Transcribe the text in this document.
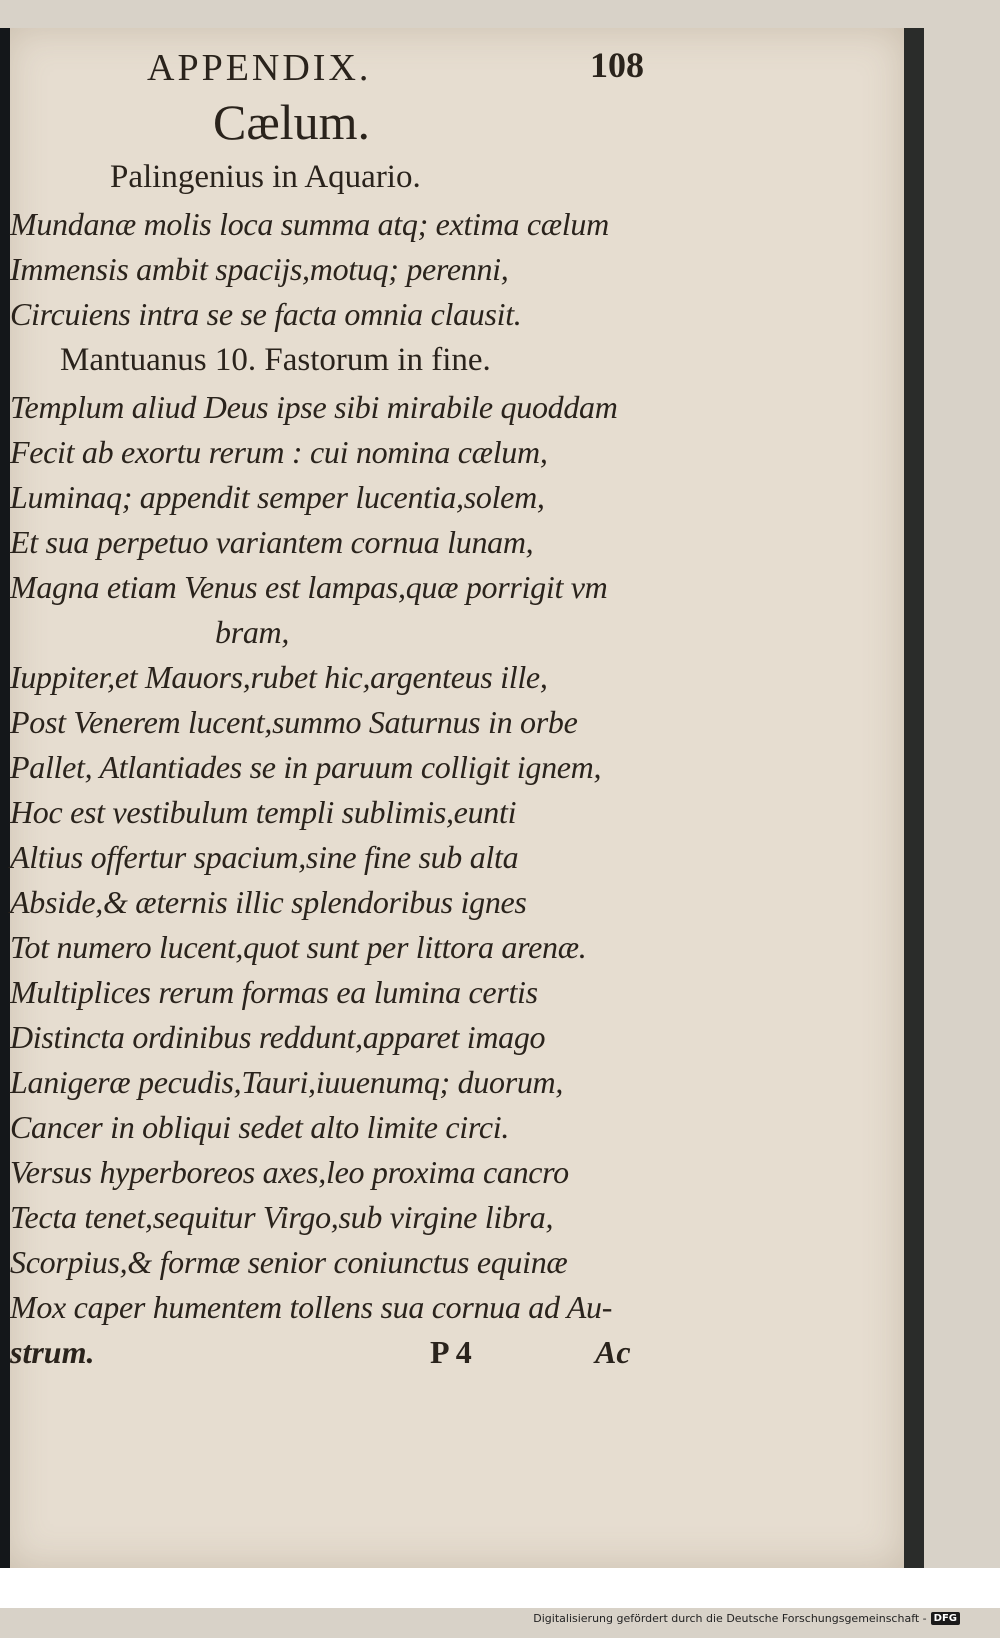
APPENDIX.	108
Cælum.
Palingenius in Aquario.
Mundanæ molis loca summa atq; extima cælum
Immensis ambit spacijs,motuq; perenni,
Circuiens intra se se facta omnia clausit.
Mantuanus 10. Fastorum in fine.
Templum aliud Deus ipse sibi mirabile quoddam
Fecit ab exortu rerum : cui nomina cælum,
Luminaq; appendit semper lucentia,solem,
Et sua perpetuo variantem cornua lunam,
Magna etiam Venus est lampas,quæ porrigit vm
bram,
Iuppiter,et Mauors,rubet hic,argenteus ille,
Post Venerem lucent,summo Saturnus in orbe
Pallet, Atlantiades se in paruum colligit ignem,
Hoc est vestibulum templi sublimis,eunti
Altius offertur spacium,sine fine sub alta
Abside,& æternis illic splendoribus ignes
Tot numero lucent,quot sunt per littora arenæ.
Multiplices rerum formas ea lumina certis
Distincta ordinibus reddunt,apparet imago
Lanigeræ pecudis,Tauri,iuuenumq; duorum,
Cancer in obliqui sedet alto limite circi.
Versus hyperboreos axes,leo proxima cancro
Tecta tenet,sequitur Virgo,sub virgine libra,
Scorpius,& formæ senior coniunctus equinæ
Mox caper humentem tollens sua cornua ad Au-
strum.	P 4	Ac
Digitalisierung gefördert durch die Deutsche Forschungsgemeinschaft - DFG
